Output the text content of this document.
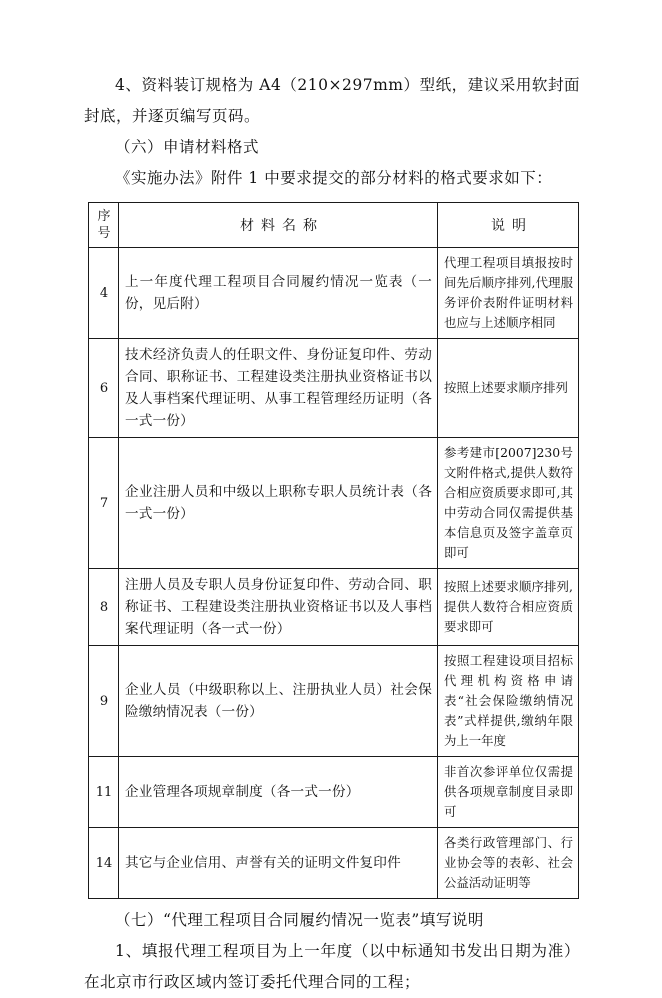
4、资料装订规格为 A4（210×297mm）型纸，建议采用软封面封底，并逐页编写页码。

（六）申请材料格式

《实施办法》附件 1 中要求提交的部分材料的格式要求如下：

序
号	材料名称	说明
4	上一年度代理工程项目合同履约情况一览表（一份，见后附）	代理工程项目填报按时间先后顺序排列,代理服务评价表附件证明材料也应与上述顺序相同
6	技术经济负责人的任职文件、身份证复印件、劳动合同、职称证书、工程建设类注册执业资格证书以及人事档案代理证明、从事工程管理经历证明（各一式一份）	按照上述要求顺序排列
7	企业注册人员和中级以上职称专职人员统计表（各一式一份）	参考建市[2007]230号文附件格式,提供人数符合相应资质要求即可,其中劳动合同仅需提供基本信息页及签字盖章页即可
8	注册人员及专职人员身份证复印件、劳动合同、职称证书、工程建设类注册执业资格证书以及人事档案代理证明（各一式一份）	按照上述要求顺序排列,提供人数符合相应资质要求即可
9	企业人员（中级职称以上、注册执业人员）社会保险缴纳情况表（一份）	按照工程建设项目招标代理机构资格申请表“社会保险缴纳情况表”式样提供,缴纳年限为上一年度
11	企业管理各项规章制度（各一式一份）	非首次参评单位仅需提供各项规章制度目录即可
14	其它与企业信用、声誉有关的证明文件复印件	各类行政管理部门、行业协会等的表彰、社会公益活动证明等

（七）“代理工程项目合同履约情况一览表”填写说明

1、填报代理工程项目为上一年度（以中标通知书发出日期为准）在北京市行政区域内签订委托代理合同的工程；
